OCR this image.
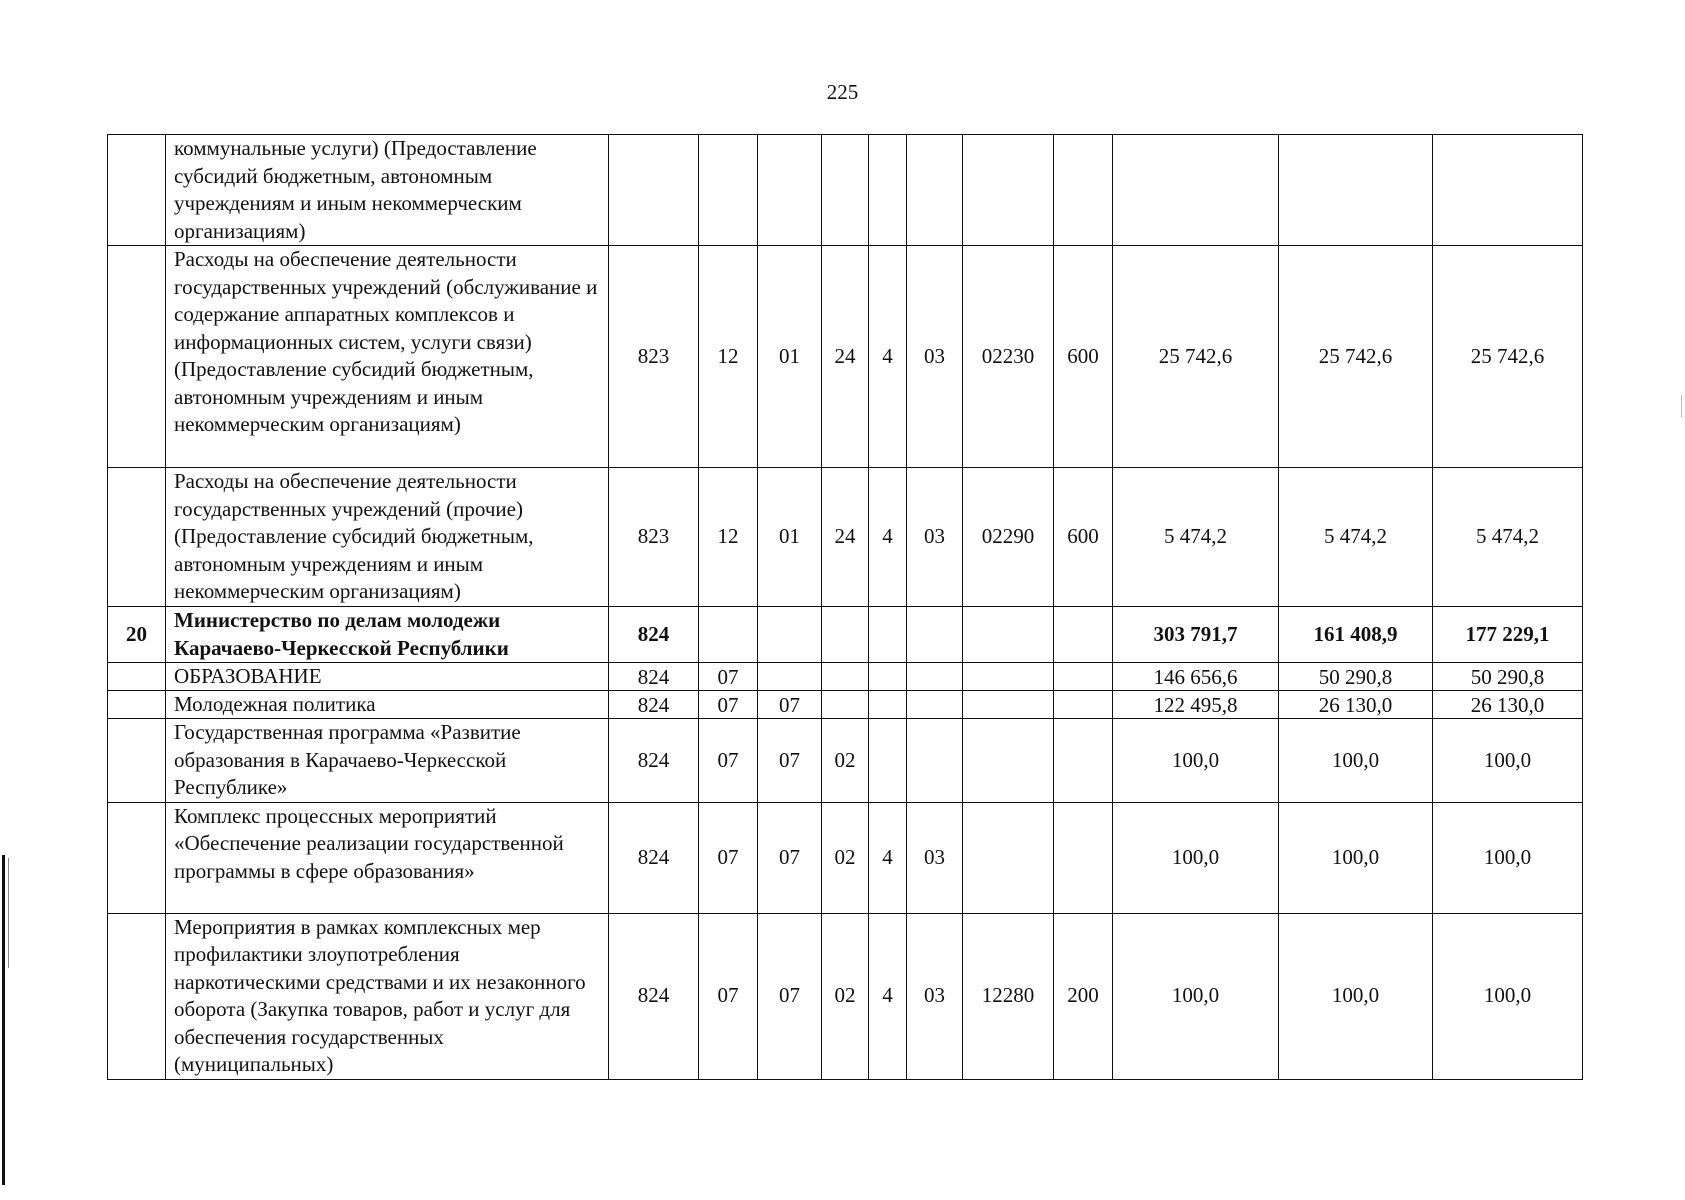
225
	коммунальные услуги) (Предоставление субсидий бюджетным, автономным учреждениям и иным некоммерческим организациям)											
	Расходы на обеспечение деятельности государственных учреждений (обслуживание и содержание аппаратных комплексов и информационных систем, услуги связи) (Предоставление субсидий бюджетным, автономным учреждениям и иным некоммерческим организациям)	823	12	01	24	4	03	02230	600	25 742,6	25 742,6	25 742,6
	Расходы на обеспечение деятельности государственных учреждений (прочие) (Предоставление субсидий бюджетным, автономным учреждениям и иным некоммерческим организациям)	823	12	01	24	4	03	02290	600	5 474,2	5 474,2	5 474,2
20	Министерство по делам молодежи Карачаево-Черкесской Республики	824								303 791,7	161 408,9	177 229,1
	ОБРАЗОВАНИЕ	824	07							146 656,6	50 290,8	50 290,8
	Молодежная политика	824	07	07						122 495,8	26 130,0	26 130,0
	Государственная программа «Развитие образования в Карачаево-Черкесской Республике»	824	07	07	02					100,0	100,0	100,0
	Комплекс процессных мероприятий «Обеспечение реализации государственной программы в сфере образования»	824	07	07	02	4	03			100,0	100,0	100,0
	Мероприятия в рамках комплексных мер профилактики злоупотребления наркотическими средствами и их незаконного оборота (Закупка товаров, работ и услуг для обеспечения государственных (муниципальных)	824	07	07	02	4	03	12280	200	100,0	100,0	100,0
